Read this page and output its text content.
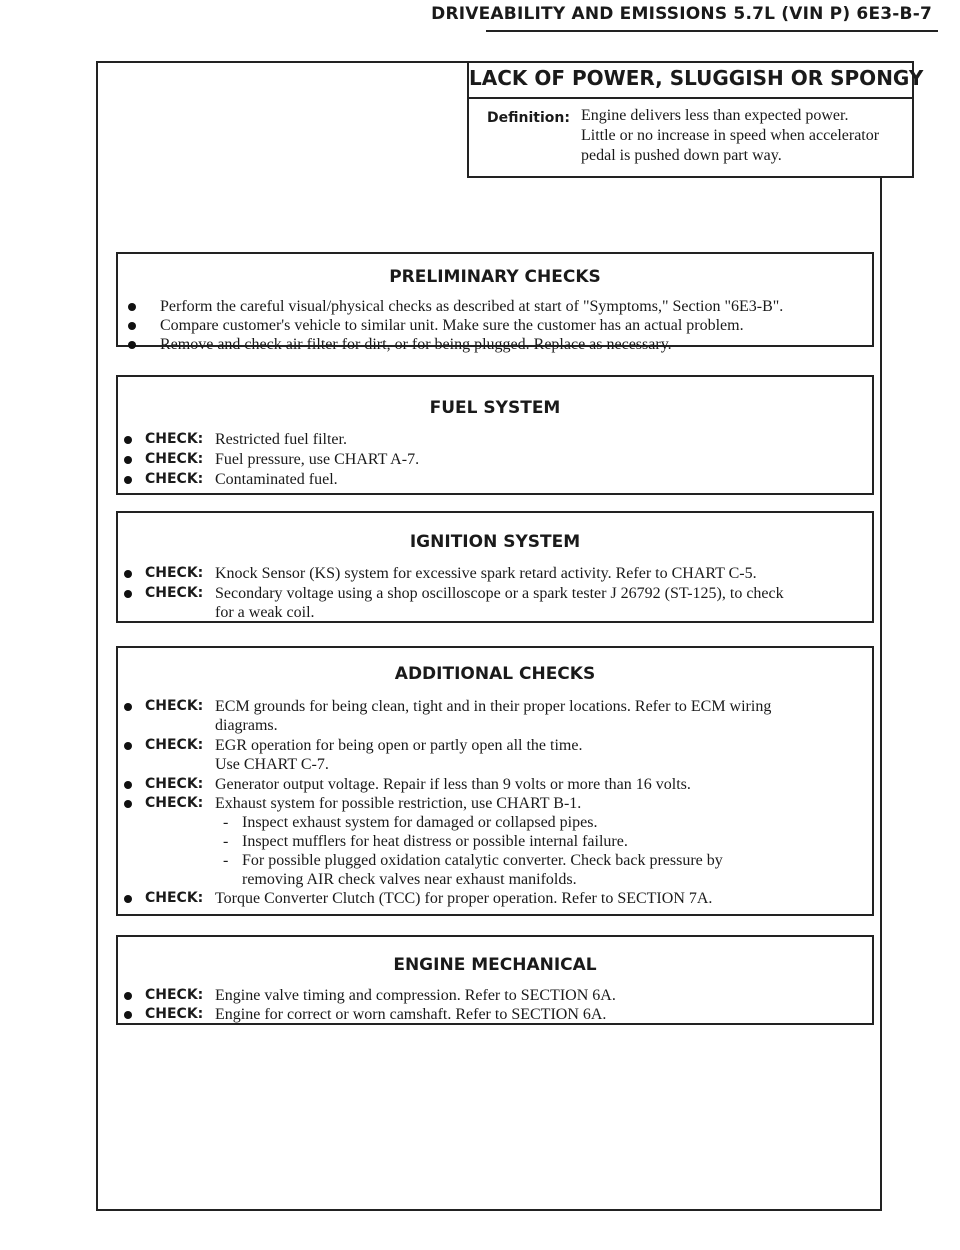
DRIVEABILITY AND EMISSIONS 5.7L (VIN P) 6E3-B-7
LACK OF POWER, SLUGGISH OR SPONGY
Definition: Engine delivers less than expected power.
Little or no increase in speed when accelerator
pedal is pushed down part way.
PRELIMINARY CHECKS
Perform the careful visual/physical checks as described at start of "Symptoms," Section "6E3-B".
Compare customer's vehicle to similar unit. Make sure the customer has an actual problem.
Remove and check air filter for dirt, or for being plugged. Replace as necessary.
FUEL SYSTEM
CHECK: Restricted fuel filter.
CHECK: Fuel pressure, use CHART A-7.
CHECK: Contaminated fuel.
IGNITION SYSTEM
CHECK: Knock Sensor (KS) system for excessive spark retard activity. Refer to CHART C-5.
CHECK: Secondary voltage using a shop oscilloscope or a spark tester J 26792 (ST-125), to check
for a weak coil.
ADDITIONAL CHECKS
CHECK: ECM grounds for being clean, tight and in their proper locations. Refer to ECM wiring
diagrams.
CHECK: EGR operation for being open or partly open all the time.
Use CHART C-7.
CHECK: Generator output voltage. Repair if less than 9 volts or more than 16 volts.
CHECK: Exhaust system for possible restriction, use CHART B-1.
- Inspect exhaust system for damaged or collapsed pipes.
- Inspect mufflers for heat distress or possible internal failure.
- For possible plugged oxidation catalytic converter. Check back pressure by
removing AIR check valves near exhaust manifolds.
CHECK: Torque Converter Clutch (TCC) for proper operation. Refer to SECTION 7A.
ENGINE MECHANICAL
CHECK: Engine valve timing and compression. Refer to SECTION 6A.
CHECK: Engine for correct or worn camshaft. Refer to SECTION 6A.
